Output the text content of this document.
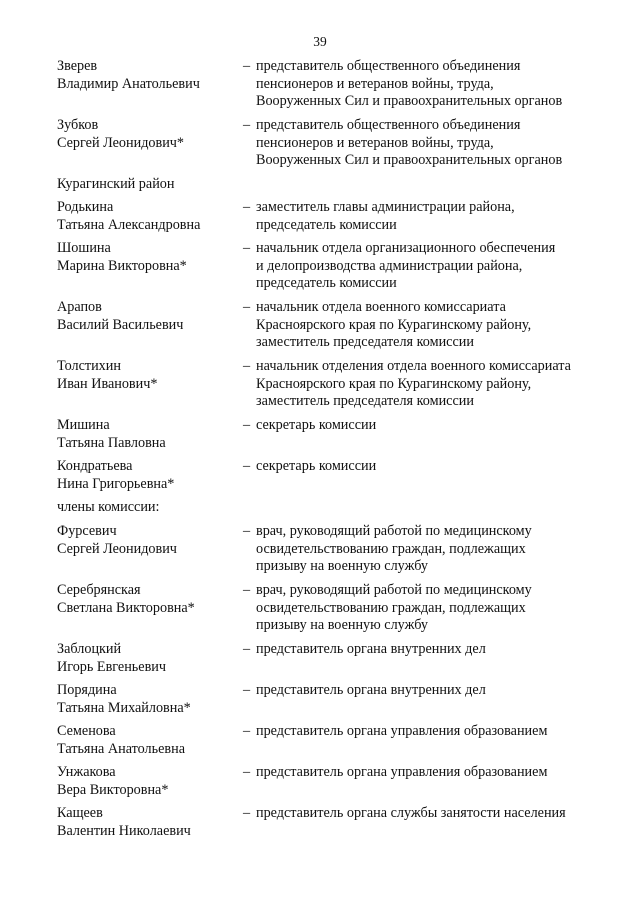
39
Зверев
Владимир Анатольевич
– представитель общественного объединения
пенсионеров и ветеранов войны, труда,
Вооруженных Сил и правоохранительных органов
Зубков
Сергей Леонидович*
– представитель общественного объединения
пенсионеров и ветеранов войны, труда,
Вооруженных Сил и правоохранительных органов
Курагинский район
Родькина
Татьяна Александровна
– заместитель главы администрации района,
председатель комиссии
Шошина
Марина Викторовна*
– начальник отдела организационного обеспечения
и делопроизводства администрации района,
председатель комиссии
Арапов
Василий Васильевич
– начальник отдела военного комиссариата
Красноярского края по Курагинскому району,
заместитель председателя комиссии
Толстихин
Иван Иванович*
– начальник отделения отдела военного комиссариата
Красноярского края по Курагинскому району,
заместитель председателя комиссии
Мишина
Татьяна Павловна
– секретарь комиссии
Кондратьева
Нина Григорьевна*
– секретарь комиссии
члены комиссии:
Фурсевич
Сергей Леонидович
– врач, руководящий работой по медицинскому
освидетельствованию граждан, подлежащих
призыву на военную службу
Серебрянская
Светлана Викторовна*
– врач, руководящий работой по медицинскому
освидетельствованию граждан, подлежащих
призыву на военную службу
Заблоцкий
Игорь Евгеньевич
– представитель органа внутренних дел
Порядина
Татьяна Михайловна*
– представитель органа внутренних дел
Семенова
Татьяна Анатольевна
– представитель органа управления образованием
Унжакова
Вера Викторовна*
– представитель органа управления образованием
Кащеев
Валентин Николаевич
– представитель органа службы занятости населения
